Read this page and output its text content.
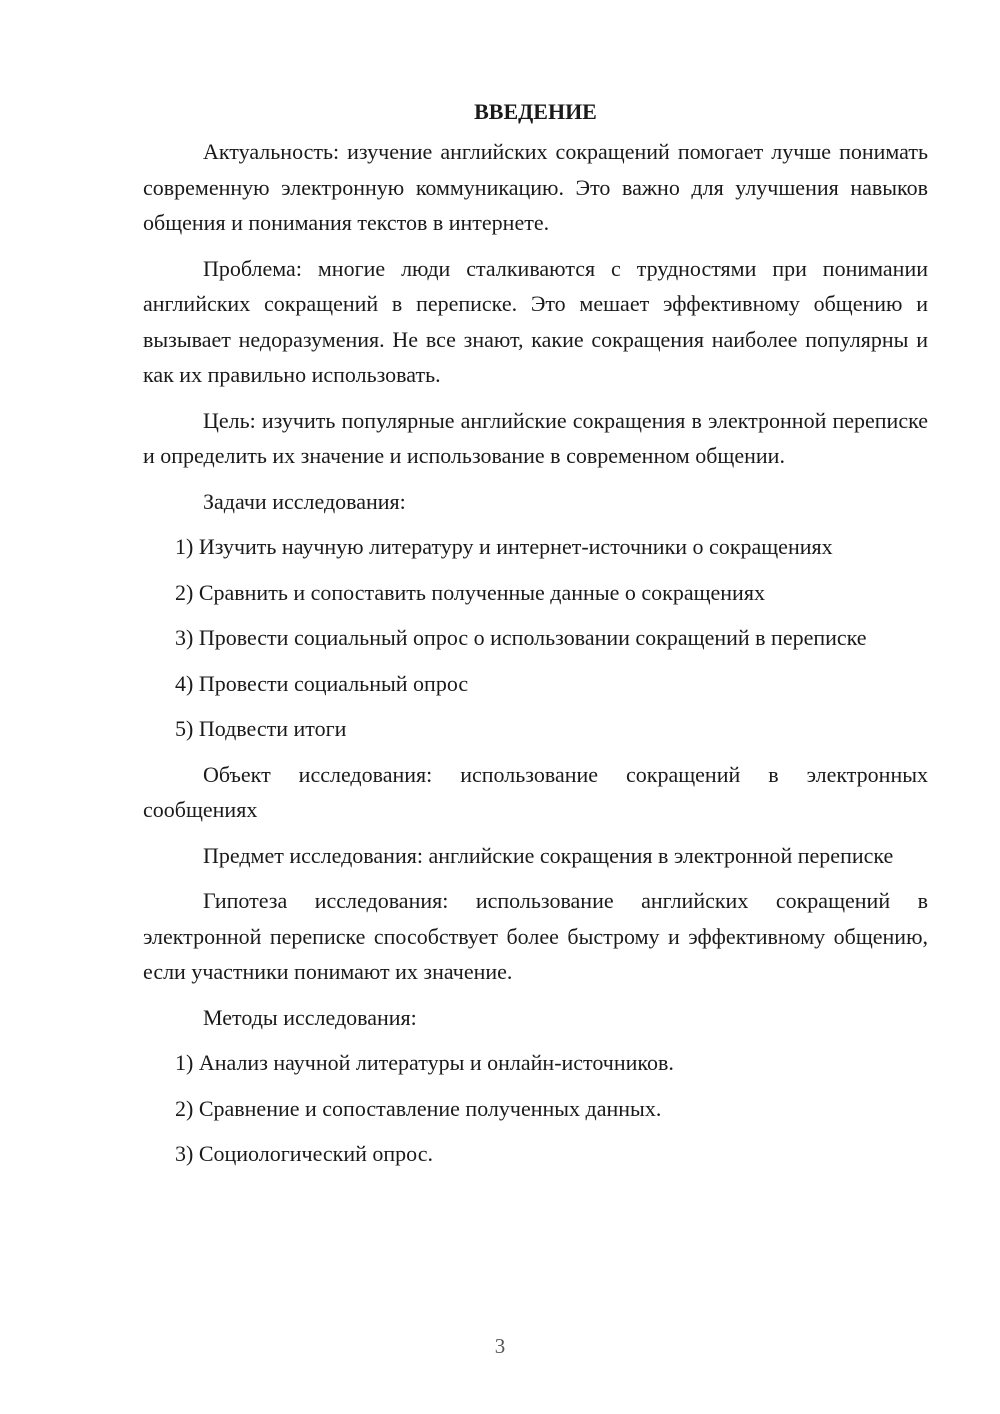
ВВЕДЕНИЕ

Актуальность: изучение английских сокращений помогает лучше понимать современную электронную коммуникацию. Это важно для улучшения навыков общения и понимания текстов в интернете.

Проблема: многие люди сталкиваются с трудностями при понимании английских сокращений в переписке. Это мешает эффективному общению и вызывает недоразумения. Не все знают, какие сокращения наиболее популярны и как их правильно использовать.

Цель: изучить популярные английские сокращения в электронной переписке и определить их значение и использование в современном общении.

Задачи исследования:

1) Изучить научную литературу и интернет-источники о сокращениях

2) Сравнить и сопоставить полученные данные о сокращениях

3) Провести социальный опрос о использовании сокращений в переписке

4) Провести социальный опрос

5) Подвести итоги

Объект исследования: использование сокращений в электронных сообщениях

Предмет исследования: английские сокращения в электронной переписке

Гипотеза исследования: использование английских сокращений в электронной переписке способствует более быстрому и эффективному общению, если участники понимают их значение.

Методы исследования:

1) Анализ научной литературы и онлайн-источников.

2) Сравнение и сопоставление полученных данных.

3) Социологический опрос.

3
